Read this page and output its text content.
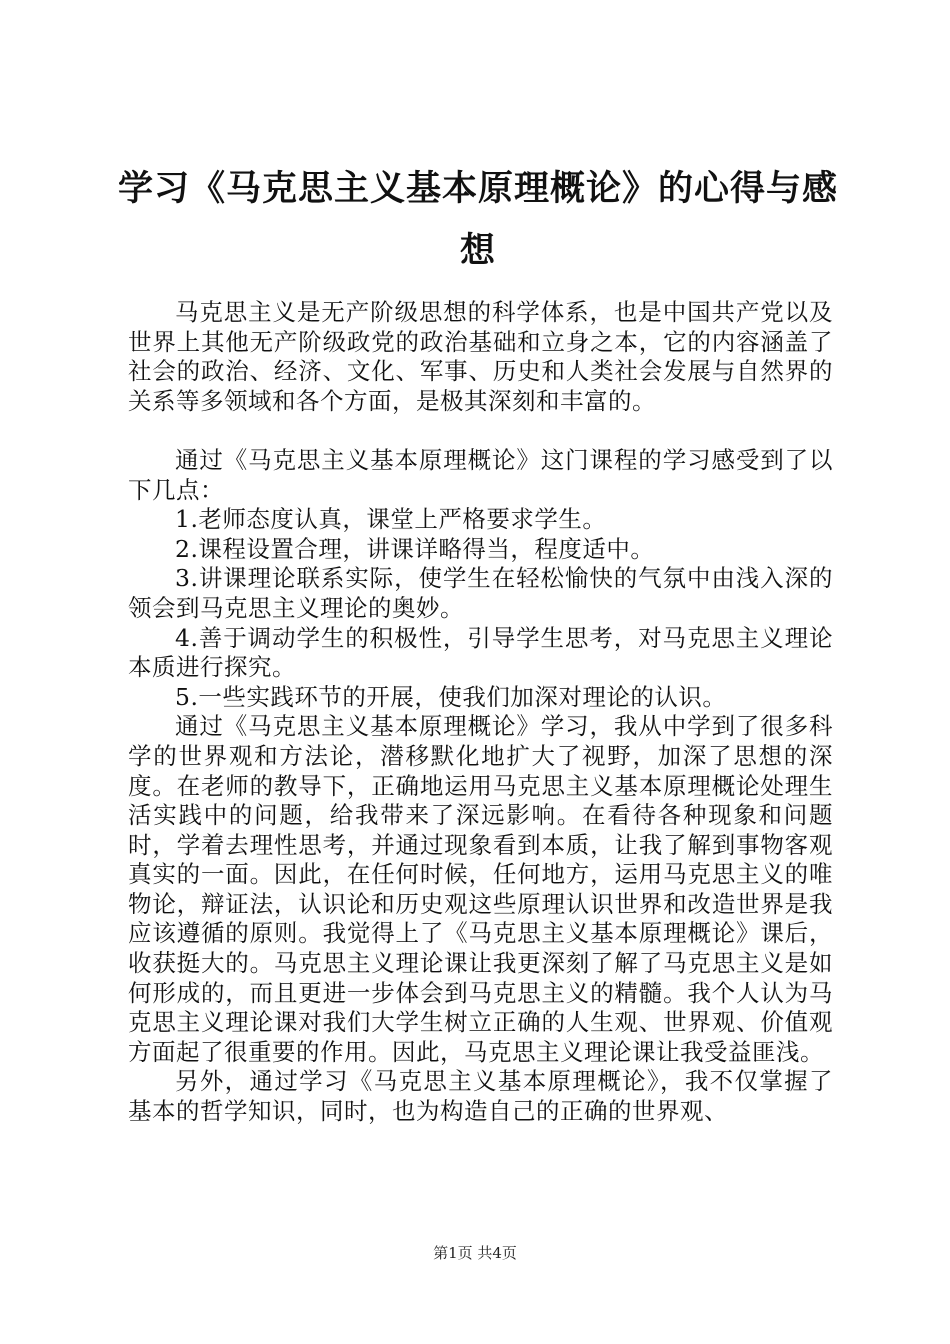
学习《马克思主义基本原理概论》的心得与感想

马克思主义是无产阶级思想的科学体系，也是中国共产党以及世界上其他无产阶级政党的政治基础和立身之本，它的内容涵盖了社会的政治、经济、文化、军事、历史和人类社会发展与自然界的关系等多领域和各个方面，是极其深刻和丰富的。

通过《马克思主义基本原理概论》这门课程的学习感受到了以下几点：

1.老师态度认真，课堂上严格要求学生。

2.课程设置合理，讲课详略得当，程度适中。

3.讲课理论联系实际，使学生在轻松愉快的气氛中由浅入深的领会到马克思主义理论的奥妙。

4.善于调动学生的积极性，引导学生思考，对马克思主义理论本质进行探究。

5.一些实践环节的开展，使我们加深对理论的认识。

通过《马克思主义基本原理概论》学习，我从中学到了很多科学的世界观和方法论，潜移默化地扩大了视野，加深了思想的深度。在老师的教导下，正确地运用马克思主义基本原理概论处理生活实践中的问题，给我带来了深远影响。在看待各种现象和问题时，学着去理性思考，并通过现象看到本质，让我了解到事物客观真实的一面。因此，在任何时候，任何地方，运用马克思主义的唯物论，辩证法，认识论和历史观这些原理认识世界和改造世界是我应该遵循的原则。我觉得上了《马克思主义基本原理概论》课后，收获挺大的。马克思主义理论课让我更深刻了解了马克思主义是如何形成的，而且更进一步体会到马克思主义的精髓。我个人认为马克思主义理论课对我们大学生树立正确的人生观、世界观、价值观方面起了很重要的作用。因此，马克思主义理论课让我受益匪浅。

另外，通过学习《马克思主义基本原理概论》，我不仅掌握了基本的哲学知识，同时，也为构造自己的正确的世界观、

第1页 共4页
